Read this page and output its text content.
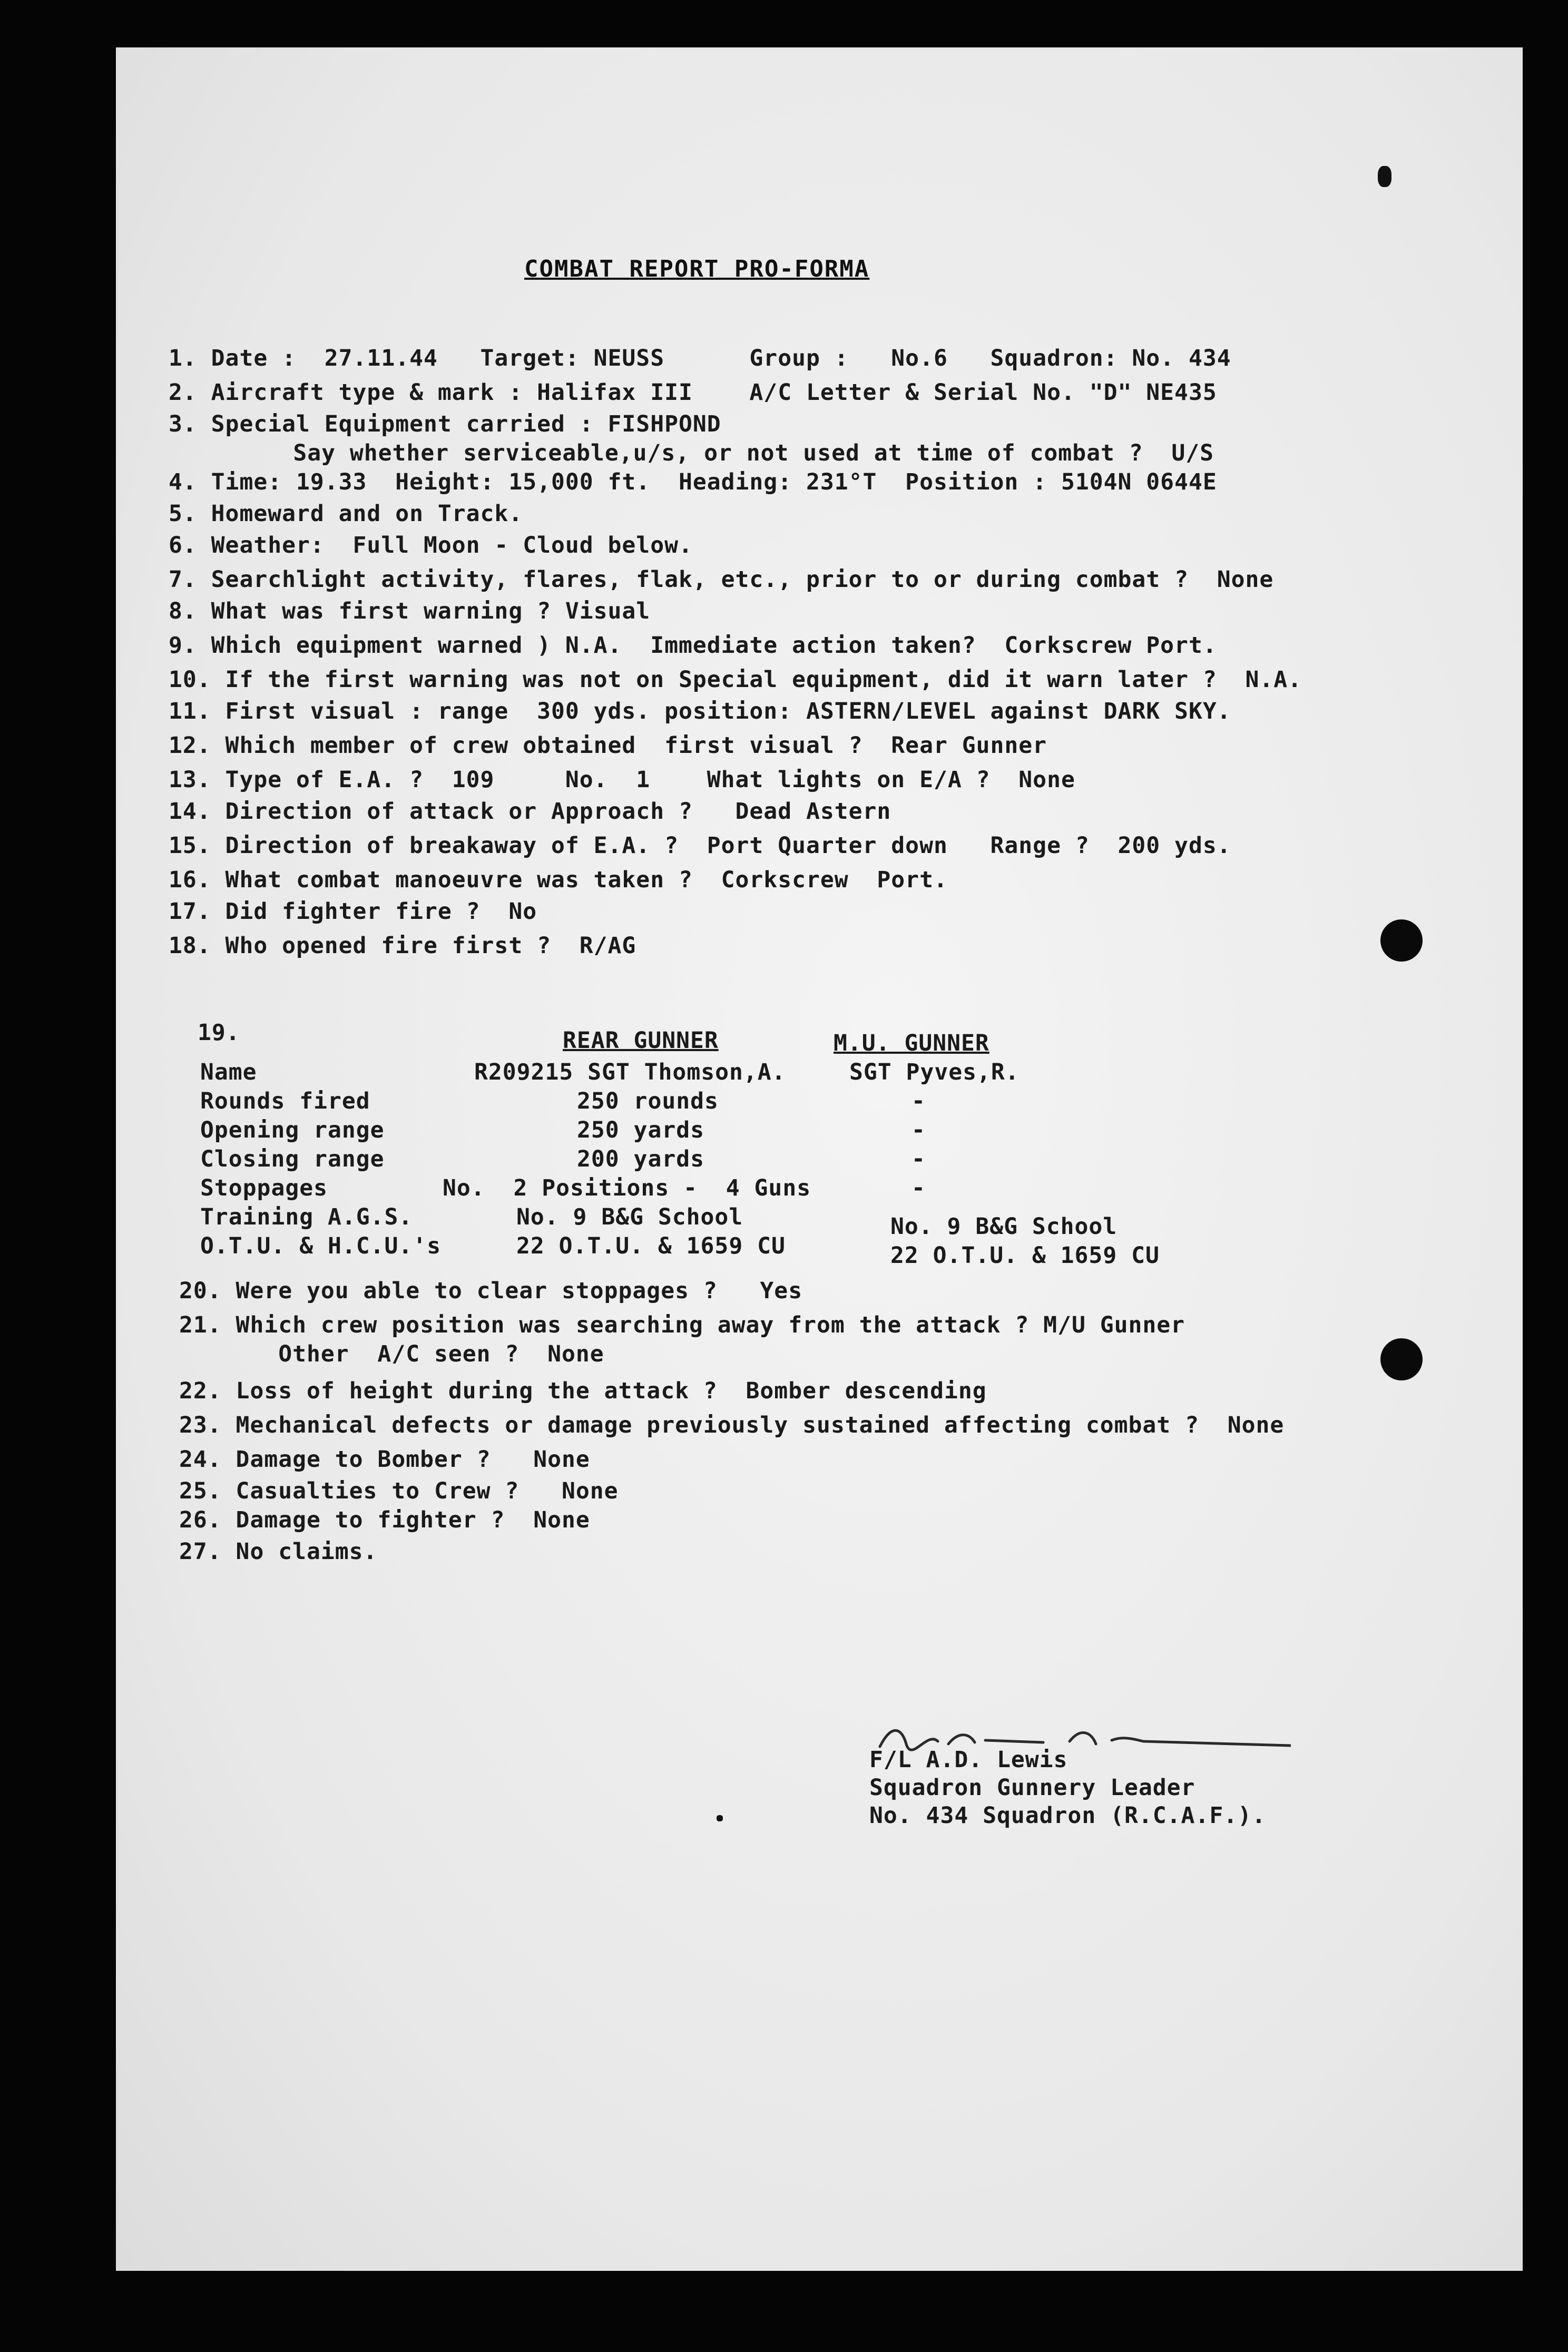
COMBAT REPORT PRO-FORMA
1. Date :  27.11.44   Target: NEUSS      Group :   No.6   Squadron: No. 434
2. Aircraft type & mark : Halifax III    A/C Letter & Serial No. "D" NE435
3. Special Equipment carried : FISHPOND
Say whether serviceable,u/s, or not used at time of combat ?  U/S
4. Time: 19.33  Height: 15,000 ft.  Heading: 231°T  Position : 5104N 0644E
5. Homeward and on Track.
6. Weather:  Full Moon - Cloud below.
7. Searchlight activity, flares, flak, etc., prior to or during combat ?  None
8. What was first warning ? Visual
9. Which equipment warned ) N.A.  Immediate action taken?  Corkscrew Port.
10. If the first warning was not on Special equipment, did it warn later ?  N.A.
11. First visual : range  300 yds. position: ASTERN/LEVEL against DARK SKY.
12. Which member of crew obtained  first visual ?  Rear Gunner
13. Type of E.A. ?  109     No.  1    What lights on E/A ?  None
14. Direction of attack or Approach ?   Dead Astern
15. Direction of breakaway of E.A. ?  Port Quarter down   Range ?  200 yds.
16. What combat manoeuvre was taken ?  Corkscrew  Port.
17. Did fighter fire ?  No
18. Who opened fire first ?  R/AG
19.	REAR GUNNER	M.U. GUNNER
Name	R209215 SGT Thomson,A.	SGT Pyves,R.
Rounds fired	250 rounds	-
Opening range	250 yards	-
Closing range	200 yards	-
Stoppages	No.  2 Positions -  4 Guns	-
Training A.G.S.	No. 9 B&G School	No. 9 B&G School
O.T.U. & H.C.U.'s	22 O.T.U. & 1659 CU	22 O.T.U. & 1659 CU
20. Were you able to clear stoppages ?   Yes
21. Which crew position was searching away from the attack ? M/U Gunner
Other  A/C seen ?  None
22. Loss of height during the attack ?  Bomber descending
23. Mechanical defects or damage previously sustained affecting combat ?  None
24. Damage to Bomber ?   None
25. Casualties to Crew ?   None
26. Damage to fighter ?  None
27. No claims.
F/L A.D. Lewis
Squadron Gunnery Leader
No. 434 Squadron (R.C.A.F.).
